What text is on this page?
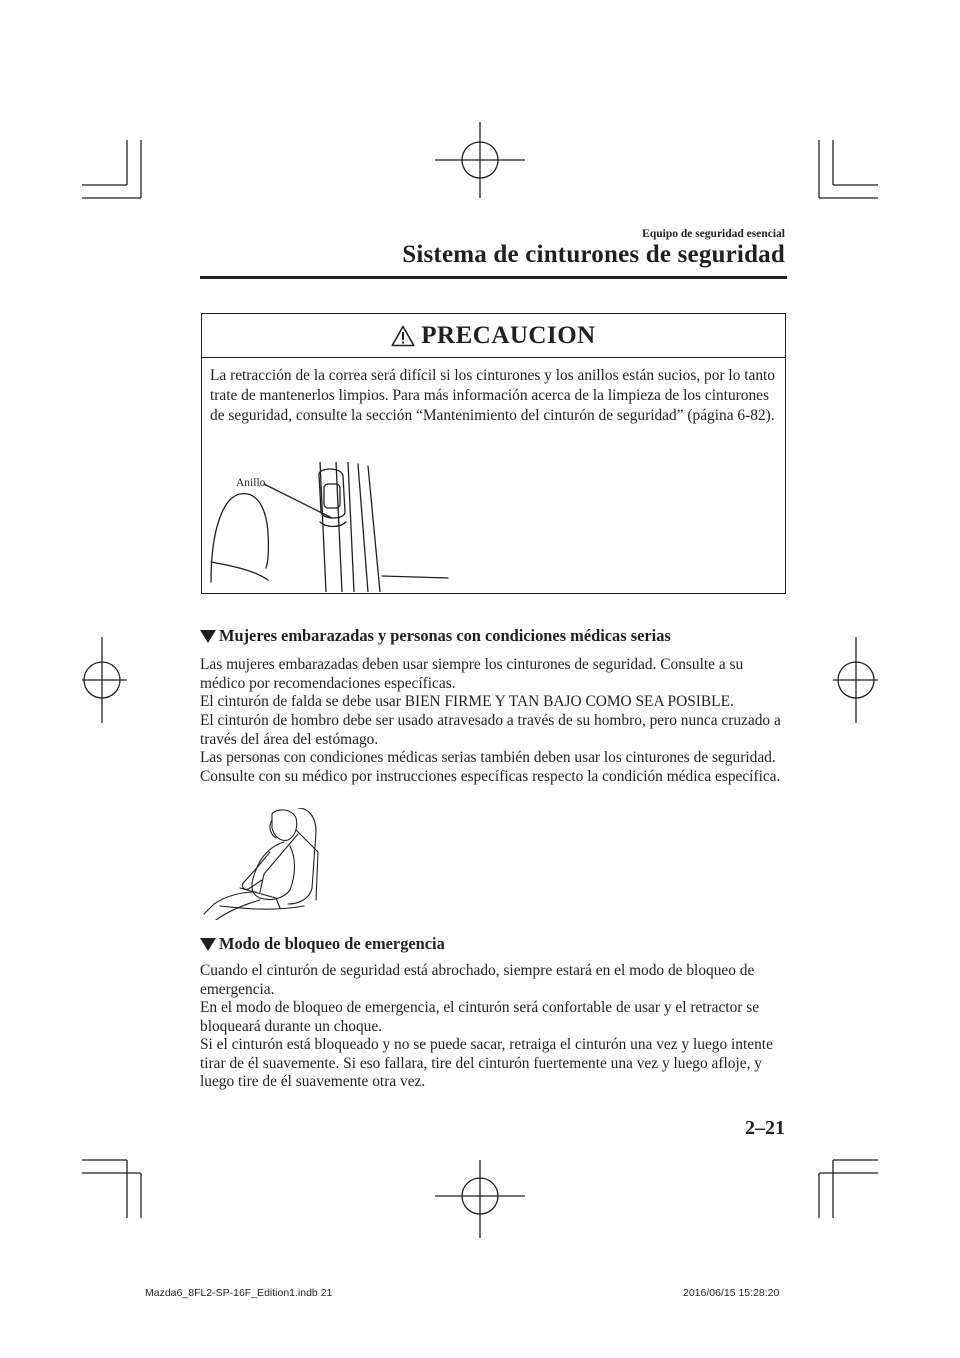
Equipo de seguridad esencial
Sistema de cinturones de seguridad
PRECAUCION

La retracción de la correa será difícil si los cinturones y los anillos están sucios, por lo tanto trate de mantenerlos limpios. Para más información acerca de la limpieza de los cinturones de seguridad, consulte la sección “Mantenimiento del cinturón de seguridad” (página 6-82).

Anillo
Mujeres embarazadas y personas con condiciones médicas serias

Las mujeres embarazadas deben usar siempre los cinturones de seguridad. Consulte a su médico por recomendaciones específicas.

El cinturón de falda se debe usar BIEN FIRME Y TAN BAJO COMO SEA POSIBLE.

El cinturón de hombro debe ser usado atravesado a través de su hombro, pero nunca cruzado a través del área del estómago.

Las personas con condiciones médicas serias también deben usar los cinturones de seguridad. Consulte con su médico por instrucciones específicas respecto la condición médica específica.

Modo de bloqueo de emergencia

Cuando el cinturón de seguridad está abrochado, siempre estará en el modo de bloqueo de emergencia.

En el modo de bloqueo de emergencia, el cinturón será confortable de usar y el retractor se bloqueará durante un choque.

Si el cinturón está bloqueado y no se puede sacar, retraiga el cinturón una vez y luego intente tirar de él suavemente. Si eso fallara, tire del cinturón fuertemente una vez y luego afloje, y luego tire de él suavemente otra vez.

2–21
Mazda6_8FL2-SP-16F_Edition1.indb 21	2016/06/15 15:28:20
